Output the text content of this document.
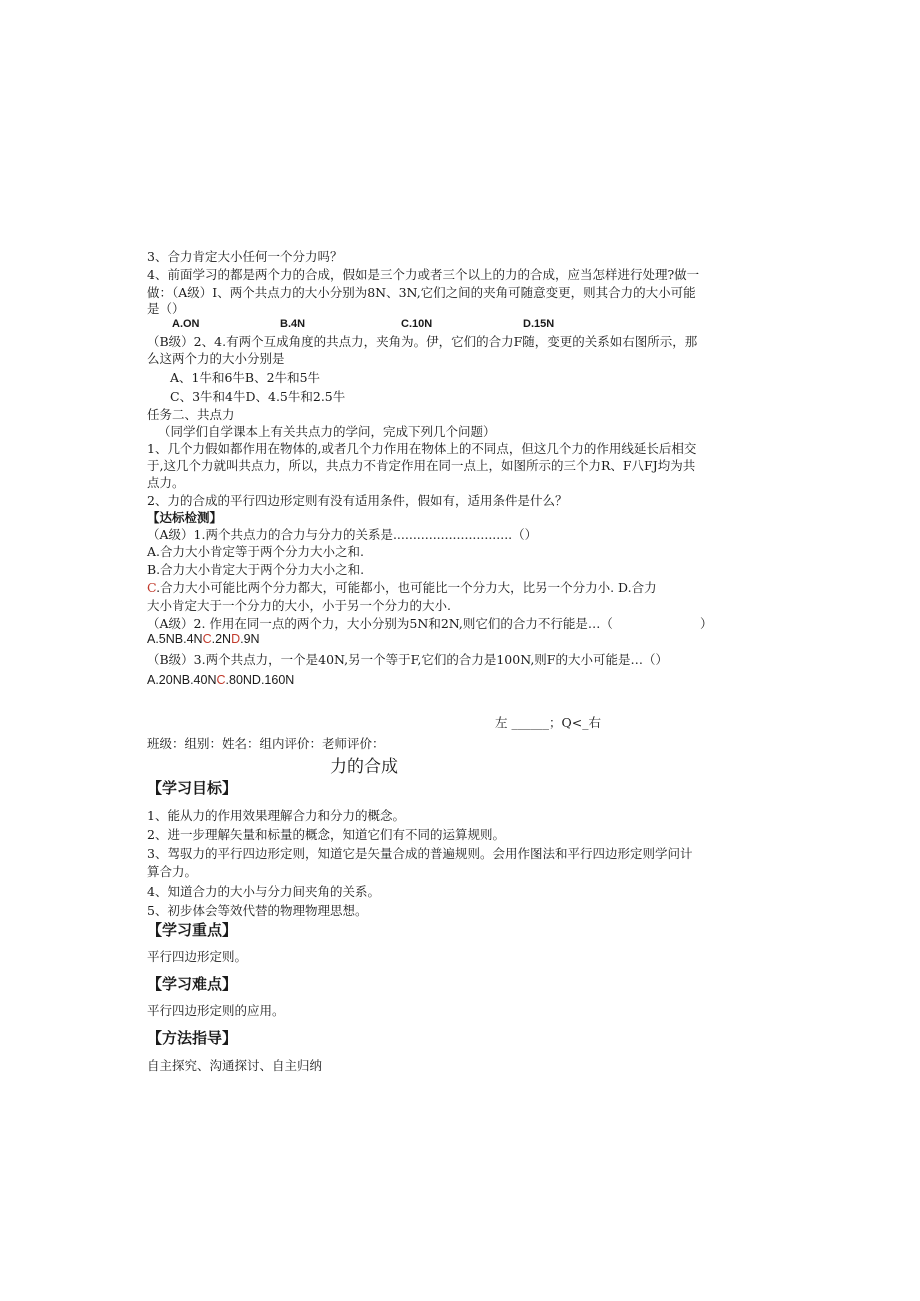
3、合力肯定大小任何一个分力吗？
4、前面学习的都是两个力的合成，假如是三个力或者三个以上的力的合成，应当怎样进行处理?做一
做：（A级）I、两个共点力的大小分别为8N、3N,它们之间的夹角可随意变更，则其合力的大小可能
是（）
A.ON	B.4N	C.10N	D.15N
（B级）2、4.有两个互成角度的共点力，夹角为。伊，它们的合力F随，变更的关系如右图所示，那
么这两个力的大小分别是
A、1牛和6牛B、2牛和5牛
C、3牛和4牛D、4.5牛和2.5牛
任务二、共点力
（同学们自学课本上有关共点力的学问，完成下列几个问题）
1、几个力假如都作用在物体的,或者几个力作用在物体上的不同点，但这几个力的作用线延长后相交
于,这几个力就叫共点力，所以，共点力不肯定作用在同一点上，如图所示的三个力R、F八FJ均为共
点力。
2、力的合成的平行四边形定则有没有适用条件，假如有，适用条件是什么？
【达标检测】
（A级）1.两个共点力的合力与分力的关系是..............................（）
A.合力大小肯定等于两个分力大小之和.
B.合力大小肯定大于两个分力大小之和.
C.合力大小可能比两个分力都大，可能都小，也可能比一个分力大，比另一个分力小. D.合力
大小肯定大于一个分力的大小，小于另一个分力的大小.
（A级）2. 作用在同一点的两个力，大小分别为5N和2N,则它们的合力不行能是…（	）
A.5NB.4NC.2ND.9N
（B级）3.两个共点力，一个是40N,另一个等于F,它们的合力是100N,则F的大小可能是…（）
A.20NB.40NC.80ND.160N
左 ______；Q<_右
班级：组别：姓名：组内评价：老师评价：
力的合成
【学习目标】
1、能从力的作用效果理解合力和分力的概念。
2、进一步理解矢量和标量的概念，知道它们有不同的运算规则。
3、驾驭力的平行四边形定则，知道它是矢量合成的普遍规则。会用作图法和平行四边形定则学问计
算合力。
4、知道合力的大小与分力间夹角的关系。
5、初步体会等效代替的物理物理思想。
【学习重点】
平行四边形定则。
【学习难点】
平行四边形定则的应用。
【方法指导】
自主探究、沟通探讨、自主归纳
